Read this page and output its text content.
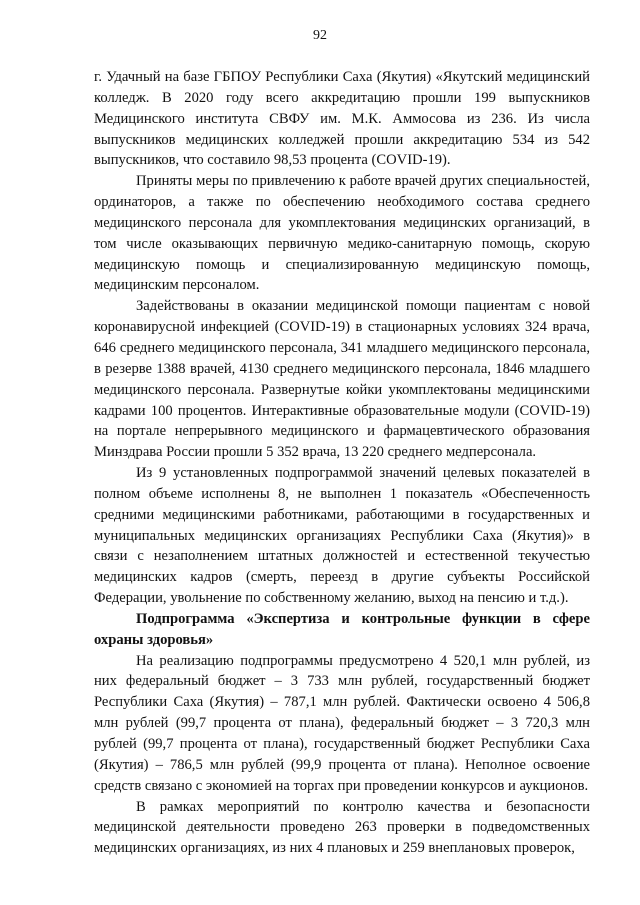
92

г. Удачный на базе ГБПОУ Республики Саха (Якутия) «Якутский медицинский колледж. В 2020 году всего аккредитацию прошли 199 выпускников Медицинского института СВФУ им. М.К. Аммосова из 236. Из числа выпускников медицинских колледжей прошли аккредитацию 534 из 542 выпускников, что составило 98,53 процента (COVID-19).

Приняты меры по привлечению к работе врачей других специальностей, ординаторов, а также по обеспечению необходимого состава среднего медицинского персонала для укомплектования медицинских организаций, в том числе оказывающих первичную медико-санитарную помощь, скорую медицинскую помощь и специализированную медицинскую помощь, медицинским персоналом.

Задействованы в оказании медицинской помощи пациентам с новой коронавирусной инфекцией (COVID-19) в стационарных условиях 324 врача, 646 среднего медицинского персонала, 341 младшего медицинского персонала, в резерве 1388 врачей, 4130 среднего медицинского персонала, 1846 младшего медицинского персонала. Развернутые койки укомплектованы медицинскими кадрами 100 процентов. Интерактивные образовательные модули (COVID-19) на портале непрерывного медицинского и фармацевтического образования Минздрава России прошли 5 352 врача, 13 220 среднего медперсонала.

Из 9 установленных подпрограммой значений целевых показателей в полном объеме исполнены 8, не выполнен 1 показатель «Обеспеченность средними медицинскими работниками, работающими в государственных и муниципальных медицинских организациях Республики Саха (Якутия)» в связи с незаполнением штатных должностей и естественной текучестью медицинских кадров (смерть, переезд в другие субъекты Российской Федерации, увольнение по собственному желанию, выход на пенсию и т.д.).

Подпрограмма «Экспертиза и контрольные функции в сфере охраны здоровья»

На реализацию подпрограммы предусмотрено 4 520,1 млн рублей, из них федеральный бюджет – 3 733 млн рублей, государственный бюджет Республики Саха (Якутия) – 787,1 млн рублей. Фактически освоено 4 506,8 млн рублей (99,7 процента от плана), федеральный бюджет – 3 720,3 млн рублей (99,7 процента от плана), государственный бюджет Республики Саха (Якутия) – 786,5 млн рублей (99,9 процента от плана). Неполное освоение средств связано с экономией на торгах при проведении конкурсов и аукционов.

В рамках мероприятий по контролю качества и безопасности медицинской деятельности проведено 263 проверки в подведомственных медицинских организациях, из них 4 плановых и 259 внеплановых проверок,
